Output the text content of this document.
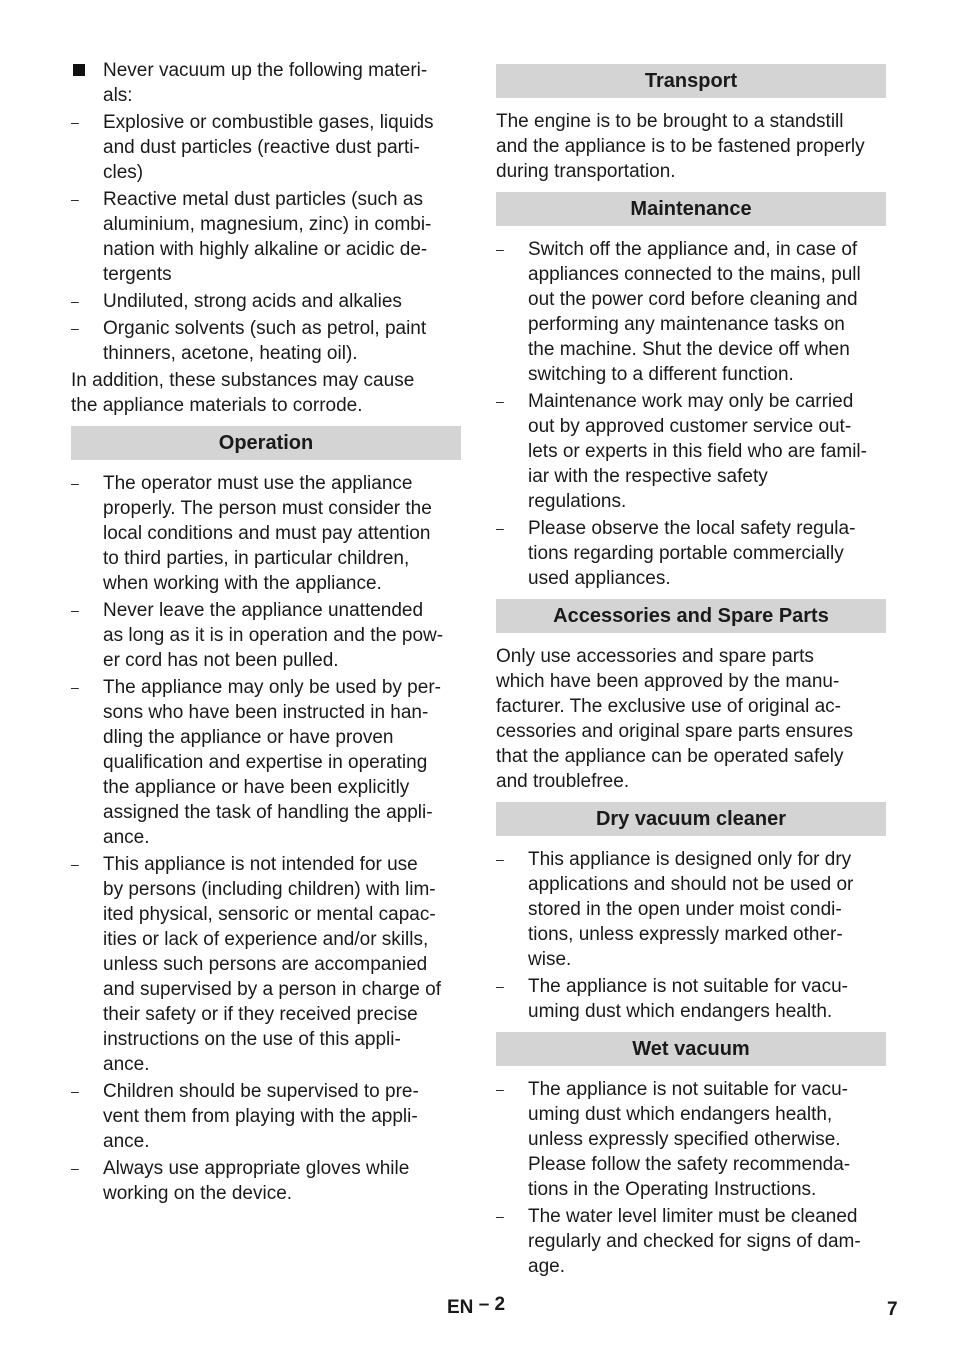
Never vacuum up the following materi-
als:
–	Explosive or combustible gases, liquids
and dust particles (reactive dust parti-
cles)
–	Reactive metal dust particles (such as
aluminium, magnesium, zinc) in combi-
nation with highly alkaline or acidic de-
tergents
–	Undiluted, strong acids and alkalies
–	Organic solvents (such as petrol, paint
thinners, acetone, heating oil).
In addition, these substances may cause
the appliance materials to corrode.
Operation
–	The operator must use the appliance
properly. The person must consider the
local conditions and must pay attention
to third parties, in particular children,
when working with the appliance.
–	Never leave the appliance unattended
as long as it is in operation and the pow-
er cord has not been pulled.
–	The appliance may only be used by per-
sons who have been instructed in han-
dling the appliance or have proven
qualification and expertise in operating
the appliance or have been explicitly
assigned the task of handling the appli-
ance.
–	This appliance is not intended for use
by persons (including children) with lim-
ited physical, sensoric or mental capac-
ities or lack of experience and/or skills,
unless such persons are accompanied
and supervised by a person in charge of
their safety or if they received precise
instructions on the use of this appli-
ance.
–	Children should be supervised to pre-
vent them from playing with the appli-
ance.
–	Always use appropriate gloves while
working on the device.
Transport
The engine is to be brought to a standstill
and the appliance is to be fastened properly
during transportation.
Maintenance
–	Switch off the appliance and, in case of
appliances connected to the mains, pull
out the power cord before cleaning and
performing any maintenance tasks on
the machine. Shut the device off when
switching to a different function.
–	Maintenance work may only be carried
out by approved customer service out-
lets or experts in this field who are famil-
iar with the respective safety
regulations.
–	Please observe the local safety regula-
tions regarding portable commercially
used appliances.
Accessories and Spare Parts
Only use accessories and spare parts
which have been approved by the manu-
facturer. The exclusive use of original ac-
cessories and original spare parts ensures
that the appliance can be operated safely
and troublefree.
Dry vacuum cleaner
–	This appliance is designed only for dry
applications and should not be used or
stored in the open under moist condi-
tions, unless expressly marked other-
wise.
–	The appliance is not suitable for vacu-
uming dust which endangers health.
Wet vacuum
–	The appliance is not suitable for vacu-
uming dust which endangers health,
unless expressly specified otherwise.
Please follow the safety recommenda-
tions in the Operating Instructions.
–	The water level limiter must be cleaned
regularly and checked for signs of dam-
age.
EN – 2	7
